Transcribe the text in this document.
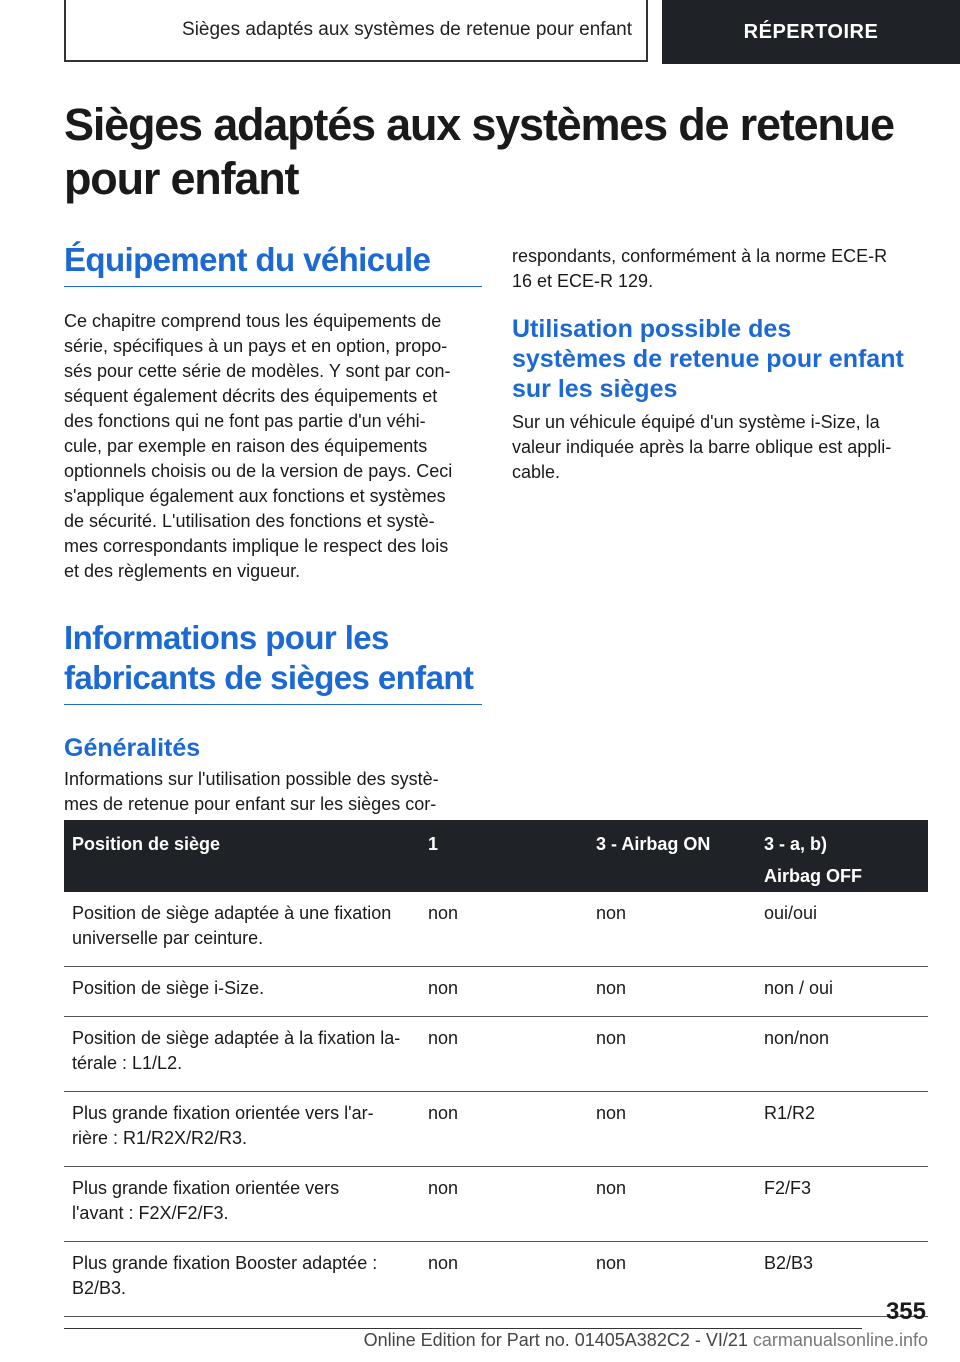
Sièges adaptés aux systèmes de retenue pour enfant	RÉPERTOIRE
Sièges adaptés aux systèmes de retenue
pour enfant
Équipement du véhicule

Ce chapitre comprend tous les équipements de
série, spécifiques à un pays et en option, propo‐
sés pour cette série de modèles. Y sont par con‐
séquent également décrits des équipements et
des fonctions qui ne font pas partie d'un véhi‐
cule, par exemple en raison des équipements
optionnels choisis ou de la version de pays. Ceci
s'applique également aux fonctions et systèmes
de sécurité. L'utilisation des fonctions et systè‐
mes correspondants implique le respect des lois
et des règlements en vigueur.

Informations pour les
fabricants de sièges enfant
Généralités

Informations sur l'utilisation possible des systè‐
mes de retenue pour enfant sur les sièges cor‐

respondants, conformément à la norme ECE-R
16 et ECE-R 129.

Utilisation possible des
systèmes de retenue pour enfant
sur les sièges

Sur un véhicule équipé d'un système i-Size, la
valeur indiquée après la barre oblique est appli‐
cable.

Position de siège	1	3 - Airbag ON	3 - a, b)
Airbag OFF
Position de siège adaptée à une fixation
universelle par ceinture.	non	non	oui/oui
Position de siège i-Size.	non	non	non / oui
Position de siège adaptée à la fixation la‐
térale : L1/L2.	non	non	non/non
Plus grande fixation orientée vers l'ar‐
rière : R1/R2X/R2/R3.	non	non	R1/R2
Plus grande fixation orientée vers
l'avant : F2X/F2/F3.	non	non	F2/F3
Plus grande fixation Booster adaptée :
B2/B3.	non	non	B2/B3
355
Online Edition for Part no. 01405A382C2 - VI/21 carmanualsonline.info
